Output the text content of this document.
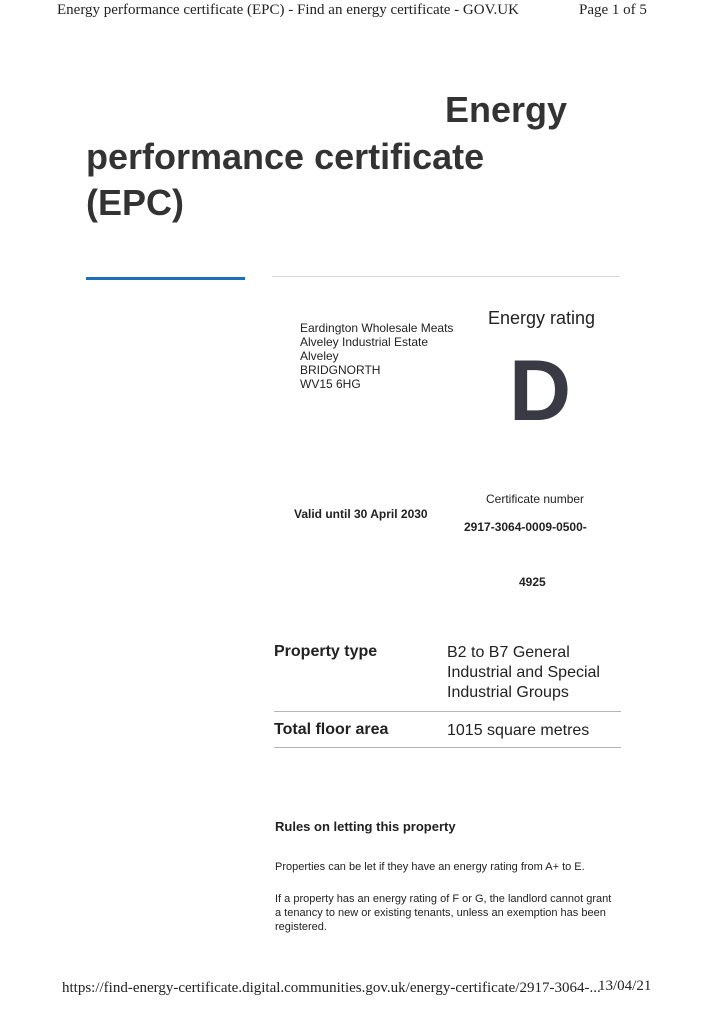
Energy performance certificate (EPC) - Find an energy certificate - GOV.UK	Page 1 of 5
Energy
performance certificate
(EPC)
Eardington Wholesale Meats
Alveley Industrial Estate
Alveley
BRIDGNORTH
WV15 6HG
Energy rating
D
Valid until 30 April 2030
Certificate number
2917-3064-0009-0500-
4925
Property type	B2 to B7 General Industrial and Special Industrial Groups
Total floor area	1015 square metres
Rules on letting this property
Properties can be let if they have an energy rating from A+ to E.
If a property has an energy rating of F or G, the landlord cannot grant a tenancy to new or existing tenants, unless an exemption has been registered.
https://find-energy-certificate.digital.communities.gov.uk/energy-certificate/2917-3064-...
13/04/21
